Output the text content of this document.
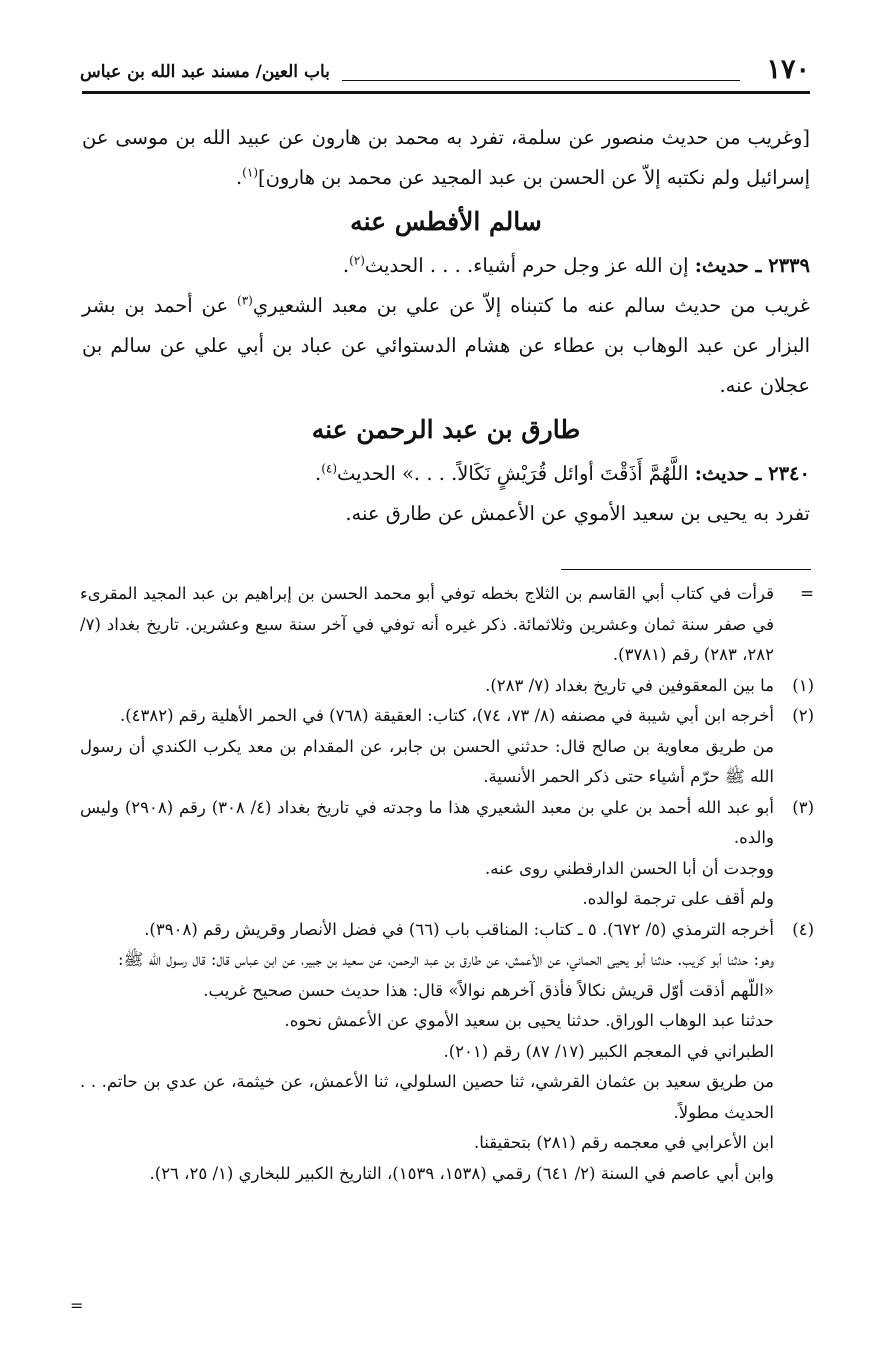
١٧٠
باب العين/ مسند عبد الله بن عباس

[وغريب من حديث منصور عن سلمة، تفرد به محمد بن هارون عن عبيد الله بن موسى عن إسرائيل ولم نكتبه إلاّ عن الحسن بن عبد المجيد عن محمد بن هارون]$^{(١)}$.

سالم الأفطس عنه

٢٣٣٩ ـ حديث: إن الله عز وجل حرم أشياء. . . . الحديث$^{(٢)}$.

غريب من حديث سالم عنه ما كتبناه إلاّ عن علي بن معبد الشعيري$^{(٣)}$ عن أحمد بن بشر البزار عن عبد الوهاب بن عطاء عن هشام الدستوائي عن عباد بن أبي علي عن سالم بن عجلان عنه.

طارق بن عبد الرحمن عنه

٢٣٤٠ ـ حديث: اللَّهُمَّ أَذَقْتَ أوائل قُرَيْشٍ نَكَالاً. . . .» الحديث$^{(٤)}$.

تفرد به يحيى بن سعيد الأموي عن الأعمش عن طارق عنه.

=
قرأت في كتاب أبي القاسم بن الثلاج بخطه توفي أبو محمد الحسن بن إبراهيم بن عبد المجيد المقرىء في صفر سنة ثمان وعشرين وثلاثمائة. ذكر غيره أنه توفي في آخر سنة سبع وعشرين. تاريخ بغداد (٧/ ٢٨٢، ٢٨٣) رقم (٣٧٨١).

(١)
ما بين المعقوفين في تاريخ بغداد (٧/ ٢٨٣).

(٢)
أخرجه ابن أبي شيبة في مصنفه (٨/ ٧٣، ٧٤)، كتاب: العقيقة (٧٦٨) في الحمر الأهلية رقم (٤٣٨٢).

من طريق معاوية بن صالح قال: حدثني الحسن بن جابر، عن المقدام بن معد يكرب الكندي أن رسول الله ﷺ حرّم أشياء حتى ذكر الحمر الأنسية.

(٣)
أبو عبد الله أحمد بن علي بن معبد الشعيري هذا ما وجدته في تاريخ بغداد (٤/ ٣٠٨) رقم (٢٩٠٨) وليس والده.

ووجدت أن أبا الحسن الدارقطني روى عنه.

ولم أقف على ترجمة لوالده.

(٤)
أخرجه الترمذي (٥/ ٦٧٢). ٥ ـ كتاب: المناقب باب (٦٦) في فضل الأنصار وقريش رقم (٣٩٠٨).

وهو: حدثنا أبو كريب. حدثنا أبو يحيى الحماني، عن الأعمش، عن طارق بن عبد الرحمن، عن سعيد بن جبير، عن ابن عباس قال: قال رسول الله ﷺ:

«اللّهم أذقت أوّل قريش نكالاً فأذق آخرهم نوالاً» قال: هذا حديث حسن صحيح غريب.

حدثنا عبد الوهاب الوراق. حدثنا يحيى بن سعيد الأموي عن الأعمش نحوه.

الطبراني في المعجم الكبير (١٧/ ٨٧) رقم (٢٠١).

من طريق سعيد بن عثمان القرشي، ثنا حصين السلولي، ثنا الأعمش، عن خيثمة، عن عدي بن حاتم. . . الحديث مطولاً.

ابن الأعرابي في معجمه رقم (٢٨١) بتحقيقنا.

وابن أبي عاصم في السنة (٢/ ٦٤١) رقمي (١٥٣٨، ١٥٣٩)، التاريخ الكبير للبخاري (١/ ٢٥، ٢٦).

=
